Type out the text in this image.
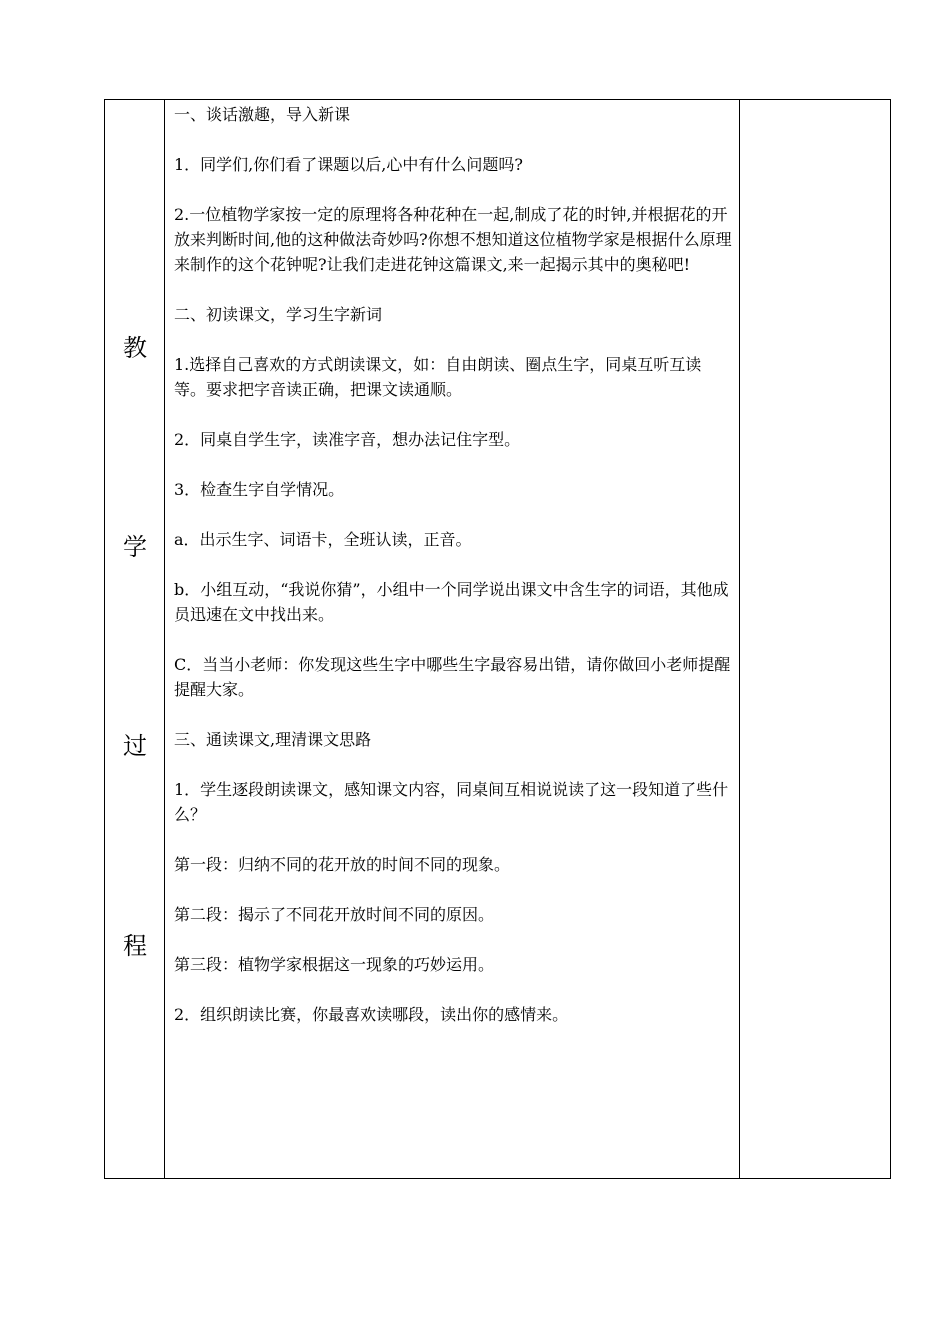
教
学
过
程

一、谈话激趣，导入新课

1．同学们,你们看了课题以后,心中有什么问题吗?

2.一位植物学家按一定的原理将各种花种在一起,制成了花的时钟,并根据花的开放来判断时间,他的这种做法奇妙吗?你想不想知道这位植物学家是根据什么原理来制作的这个花钟呢?让我们走进花钟这篇课文,来一起揭示其中的奥秘吧!

二、初读课文，学习生字新词

1.选择自己喜欢的方式朗读课文，如：自由朗读、圈点生字，同桌互听互读等。要求把字音读正确，把课文读通顺。

2．同桌自学生字，读准字音，想办法记住字型。

3．检查生字自学情况。

a．出示生字、词语卡，全班认读，正音。

b．小组互动，“我说你猜”，小组中一个同学说出课文中含生字的词语，其他成员迅速在文中找出来。

C．当当小老师：你发现这些生字中哪些生字最容易出错，请你做回小老师提醒提醒大家。

三、通读课文,理清课文思路

1．学生逐段朗读课文，感知课文内容，同桌间互相说说读了这一段知道了些什么？

第一段：归纳不同的花开放的时间不同的现象。

第二段：揭示了不同花开放时间不同的原因。

第三段：植物学家根据这一现象的巧妙运用。

2．组织朗读比赛，你最喜欢读哪段，读出你的感情来。
